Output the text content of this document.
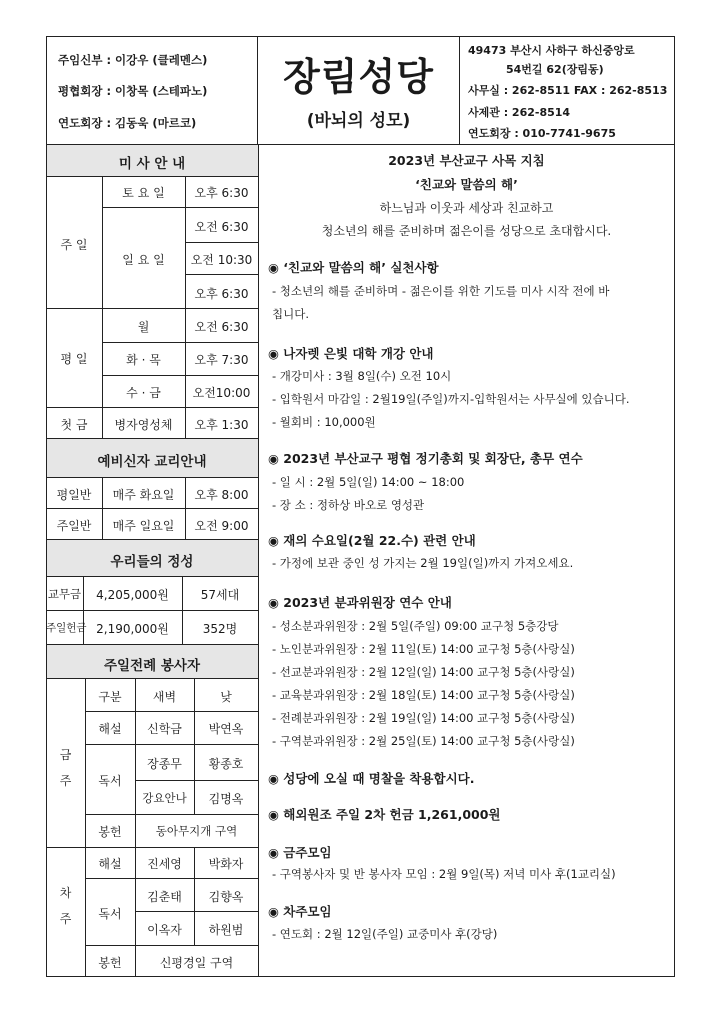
주임신부 : 이강우 (클레멘스)
평협회장 : 이창목 (스테파노)
연도회장 : 김동욱 (마르코)
장림성당
(바뇌의 성모)
49473 부산시 사하구 하신중앙로
54번길 62(장림동)
사무실 : 262-8511 FAX : 262-8513
사제관 : 262-8514
연도회장 : 010-7741-9675
미 사 안 내
주 일
토 요 일	오후 6:30
일 요 일
오전 6:30
오전 10:30
오후 6:30
평 일
월	오전 6:30
화 · 목	오후 7:30
수 · 금	오전10:00
첫 금	병자영성체	오후 1:30
예비신자 교리안내
평일반	매주 화요일	오후 8:00
주일반	매주 일요일	오전 9:00
우리들의 정성
교무금	4,205,000원	57세대
주일헌금 2,190,000원	352명
주일전례 봉사자
구분	새벽	낮
금
주
해설	신학금	박연옥
독서
장종무	황종호
강요안나	김명옥
봉헌	동아무지개 구역
차
주
해설	진세영	박화자
독서
김춘태	김향옥
이옥자	하원범
봉헌	신평경일 구역
2023년 부산교구 사목 지침
‘친교와 말씀의 해’
하느님과 이웃과 세상과 친교하고
청소년의 해를 준비하며 젊은이를 성당으로 초대합시다.
◉ ‘친교와 말씀의 해’ 실천사항
- 청소년의 해를 준비하며 - 젊은이를 위한 기도를 미사 시작 전에 바
칩니다.
◉ 나자렛 은빛 대학 개강 안내
- 개강미사 : 3월 8일(수) 오전 10시
- 입학원서 마감일 : 2월19일(주일)까지-입학원서는 사무실에 있습니다.
- 월회비 : 10,000원
◉ 2023년 부산교구 평협 정기총회 및 회장단, 총무 연수
- 일 시 : 2월 5일(일) 14:00 ~ 18:00
- 장 소 : 정하상 바오로 영성관
◉ 재의 수요일(2월 22.수) 관련 안내
- 가정에 보관 중인 성 가지는 2월 19일(일)까지 가져오세요.
◉ 2023년 분과위원장 연수 안내
- 성소분과위원장 : 2월 5일(주일) 09:00 교구청 5층강당
- 노인분과위원장 : 2월 11일(토) 14:00 교구청 5층(사랑실)
- 선교분과위원장 : 2월 12일(일) 14:00 교구청 5층(사랑실)
- 교육분과위원장 : 2월 18일(토) 14:00 교구청 5층(사랑실)
- 전례분과위원장 : 2월 19일(일) 14:00 교구청 5층(사랑실)
- 구역분과위원장 : 2월 25일(토) 14:00 교구청 5층(사랑실)
◉ 성당에 오실 때 명찰을 착용합시다.
◉ 해외원조 주일 2차 헌금 1,261,000원
◉ 금주모임
- 구역봉사자 및 반 봉사자 모임 : 2월 9일(목) 저녁 미사 후(1교리실)
◉ 차주모임
- 연도회 : 2월 12일(주일) 교중미사 후(강당)
